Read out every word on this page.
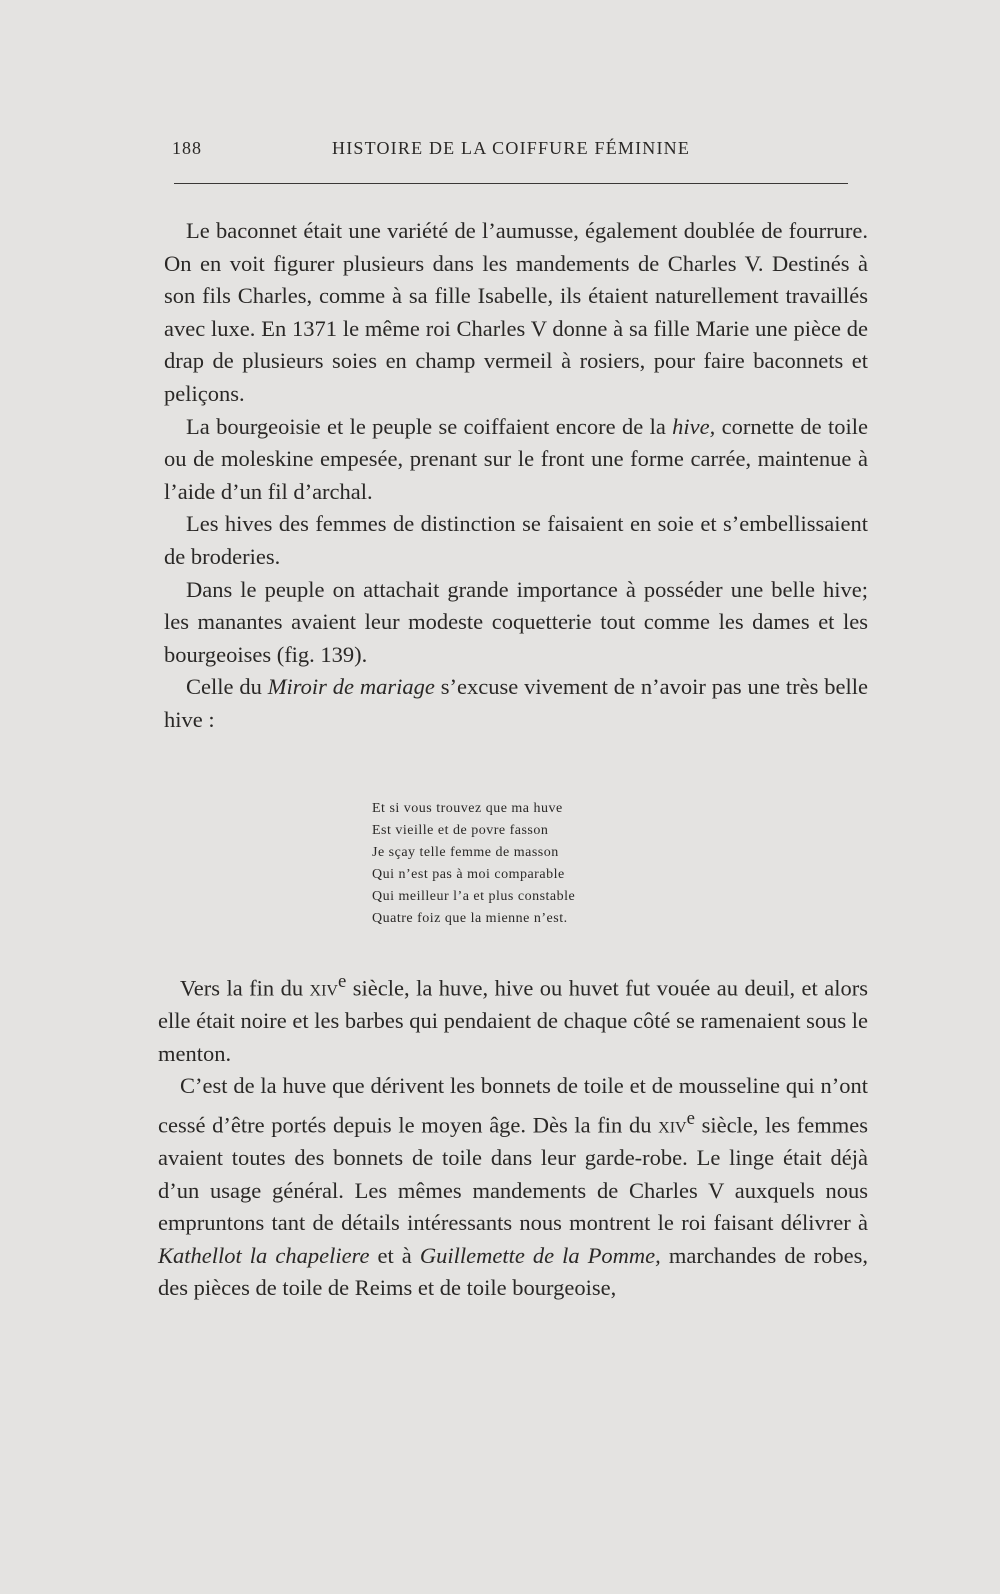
188	HISTOIRE DE LA COIFFURE FÉMININE

Le baconnet était une variété de l’aumusse, également doublée de fourrure. On en voit figurer plusieurs dans les mandements de Charles V. Destinés à son fils Charles, comme à sa fille Isabelle, ils étaient naturellement travaillés avec luxe. En 1371 le même roi Charles V donne à sa fille Marie une pièce de drap de plusieurs soies en champ vermeil à rosiers, pour faire baconnets et peliçons.

La bourgeoisie et le peuple se coiffaient encore de la hive, cornette de toile ou de moleskine empesée, prenant sur le front une forme carrée, maintenue à l’aide d’un fil d’archal.

Les hives des femmes de distinction se faisaient en soie et s’embellissaient de broderies.

Dans le peuple on attachait grande importance à posséder une belle hive; les manantes avaient leur modeste coquetterie tout comme les dames et les bourgeoises (fig. 139).

Celle du Miroir de mariage s’excuse vivement de n’avoir pas une très belle hive :

Et si vous trouvez que ma huve
Est vieille et de povre fasson
Je sçay telle femme de masson
Qui n’est pas à moi comparable
Qui meilleur l’a et plus constable
Quatre foiz que la mienne n’est.

Vers la fin du xiv$^e$ siècle, la huve, hive ou huvet fut vouée au deuil, et alors elle était noire et les barbes qui pendaient de chaque côté se ramenaient sous le menton.

C’est de la huve que dérivent les bonnets de toile et de mousseline qui n’ont cessé d’être portés depuis le moyen âge. Dès la fin du xiv$^e$ siècle, les femmes avaient toutes des bonnets de toile dans leur garde-robe. Le linge était déjà d’un usage général. Les mêmes mandements de Charles V auxquels nous empruntons tant de détails intéressants nous montrent le roi faisant délivrer à Kathellot la chapeliere et à Guillemette de la Pomme, marchandes de robes, des pièces de toile de Reims et de toile bourgeoise,
